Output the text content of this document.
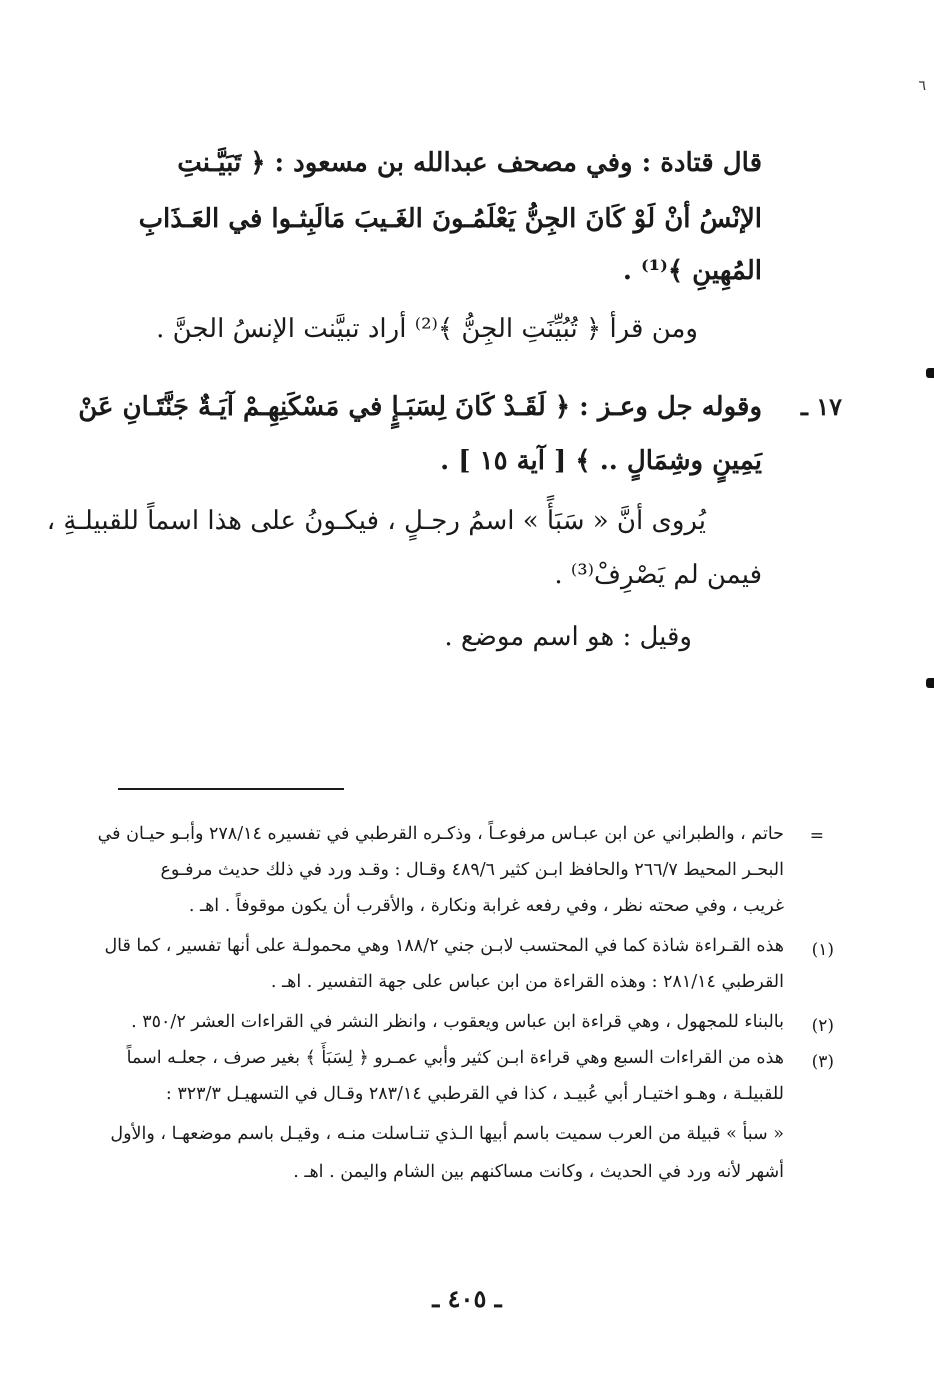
٦
قال قتادة : وفي مصحف عبدالله بن مسعود : ﴿ تَبَيَّـنتِ
الإنْسُ أنْ لَوْ كَانَ الجِنُّ يَعْلَمُـونَ الغَـيبَ مَالَبِثـوا في العَـذَابِ
المُهِينِ ﴾⁽¹⁾ .
ومن قرأ ﴿ تُبُيِّنَتِ الجِنُّ ﴾⁽²⁾ أراد تبيَّنت الإنسُ الجنَّ .
١٧ ـ
وقوله جل وعـز : ﴿ لَقَـدْ كَانَ لِسَبَـإٍ في مَسْكَنِهِـمْ آيَـةٌ جَنَّتَـانِ عَنْ
يَمِينٍ وشِمَالٍ .. ﴾ [ آية ١٥ ] .
يُروى أنَّ « سَبَأً » اسمُ رجـلٍ ، فيكـونُ على هذا اسماً للقبيلـةِ ،
فيمن لم يَصْرِفْ⁽³⁾ .
وقيل : هو اسم موضع .
=
حاتم ، والطبراني عن ابن عبـاس مرفوعـاً ، وذكـره القرطبي في تفسيره ٢٧٨/١٤ وأبـو حيـان في
البحـر المحيط ٢٦٦/٧ والحافظ ابـن كثير ٤٨٩/٦ وقـال : وقـد ورد في ذلك حديث مرفـوع
غريب ، وفي صحته نظر ، وفي رفعه غرابة ونكارة ، والأقرب أن يكون موقوفاً . اهـ .
(١)
هذه القـراءة شاذة كما في المحتسب لابـن جني ١٨٨/٢ وهي محمولـة على أنها تفسير ، كما قال
القرطبي ٢٨١/١٤ : وهذه القراءة من ابن عباس على جهة التفسير . اهـ .
(٢)
بالبناء للمجهول ، وهي قراءة ابن عباس ويعقوب ، وانظر النشر في القراءات العشر ٣٥٠/٢ .
(٣)
هذه من القراءات السبع وهي قراءة ابـن كثير وأبي عمـرو ﴿ لِسَبَأَ ﴾ بغير صرف ، جعلـه اسماً
للقبيلـة ، وهـو اختيـار أبي عُبيـد ، كذا في القرطبي ٢٨٣/١٤ وقـال في التسهيـل ٣٢٣/٣ :
« سبأ » قبيلة من العرب سميت باسم أبيها الـذي تنـاسلت منـه ، وقيـل باسم موضعهـا ، والأول
أشهر لأنه ورد في الحديث ، وكانت مساكنهم بين الشام واليمن . اهـ .
ـ ٤٠٥ ـ
